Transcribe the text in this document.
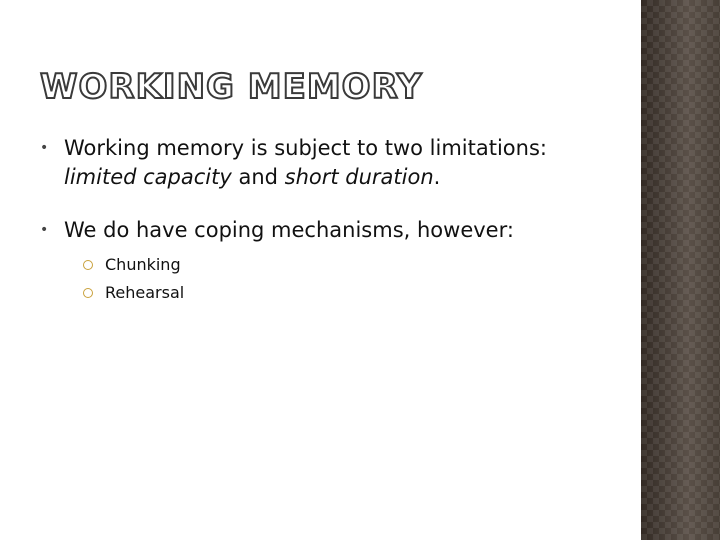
WORKING MEMORY
• Working memory is subject to two limitations: limited capacity and short duration.
• We do have coping mechanisms, however:
Chunking
Rehearsal
